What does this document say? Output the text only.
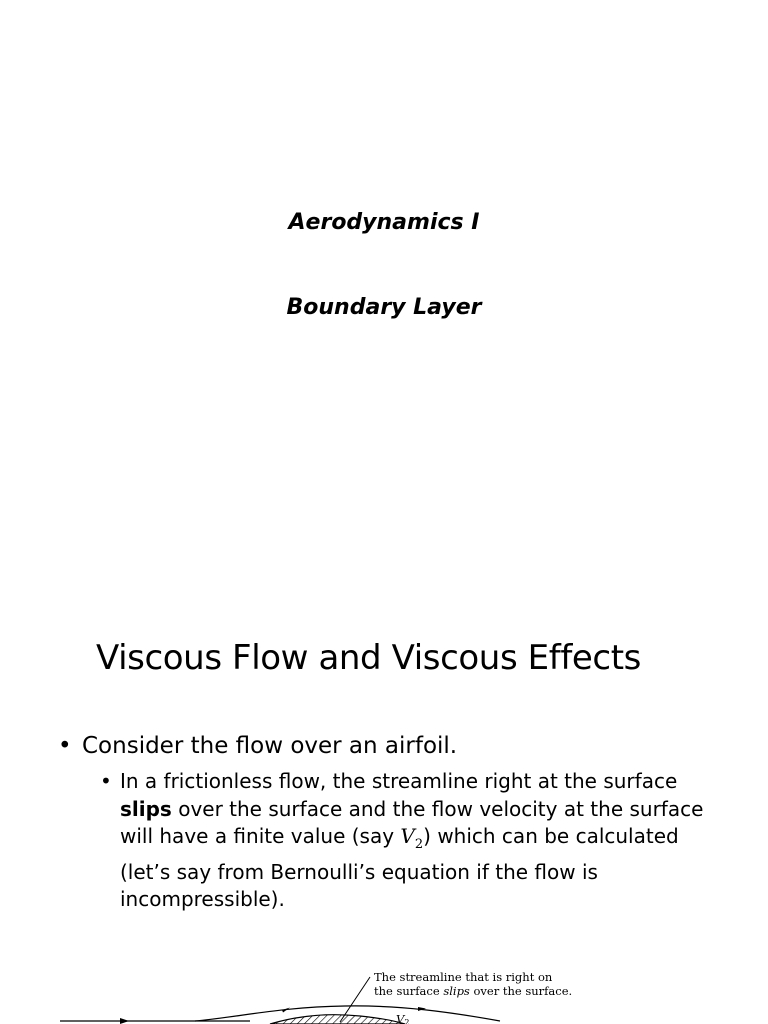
Aerodynamics I
Boundary Layer
Viscous Flow and Viscous Effects
• Consider the flow over an airfoil.
• In a frictionless flow, the streamline right at the surface slips over the surface and the flow velocity at the surface will have a finite value (say $V_2$) which can be calculated (let’s say from Bernoulli’s equation if the flow is incompressible).
The streamline that is right on
the surface slips over the surface.
V2
